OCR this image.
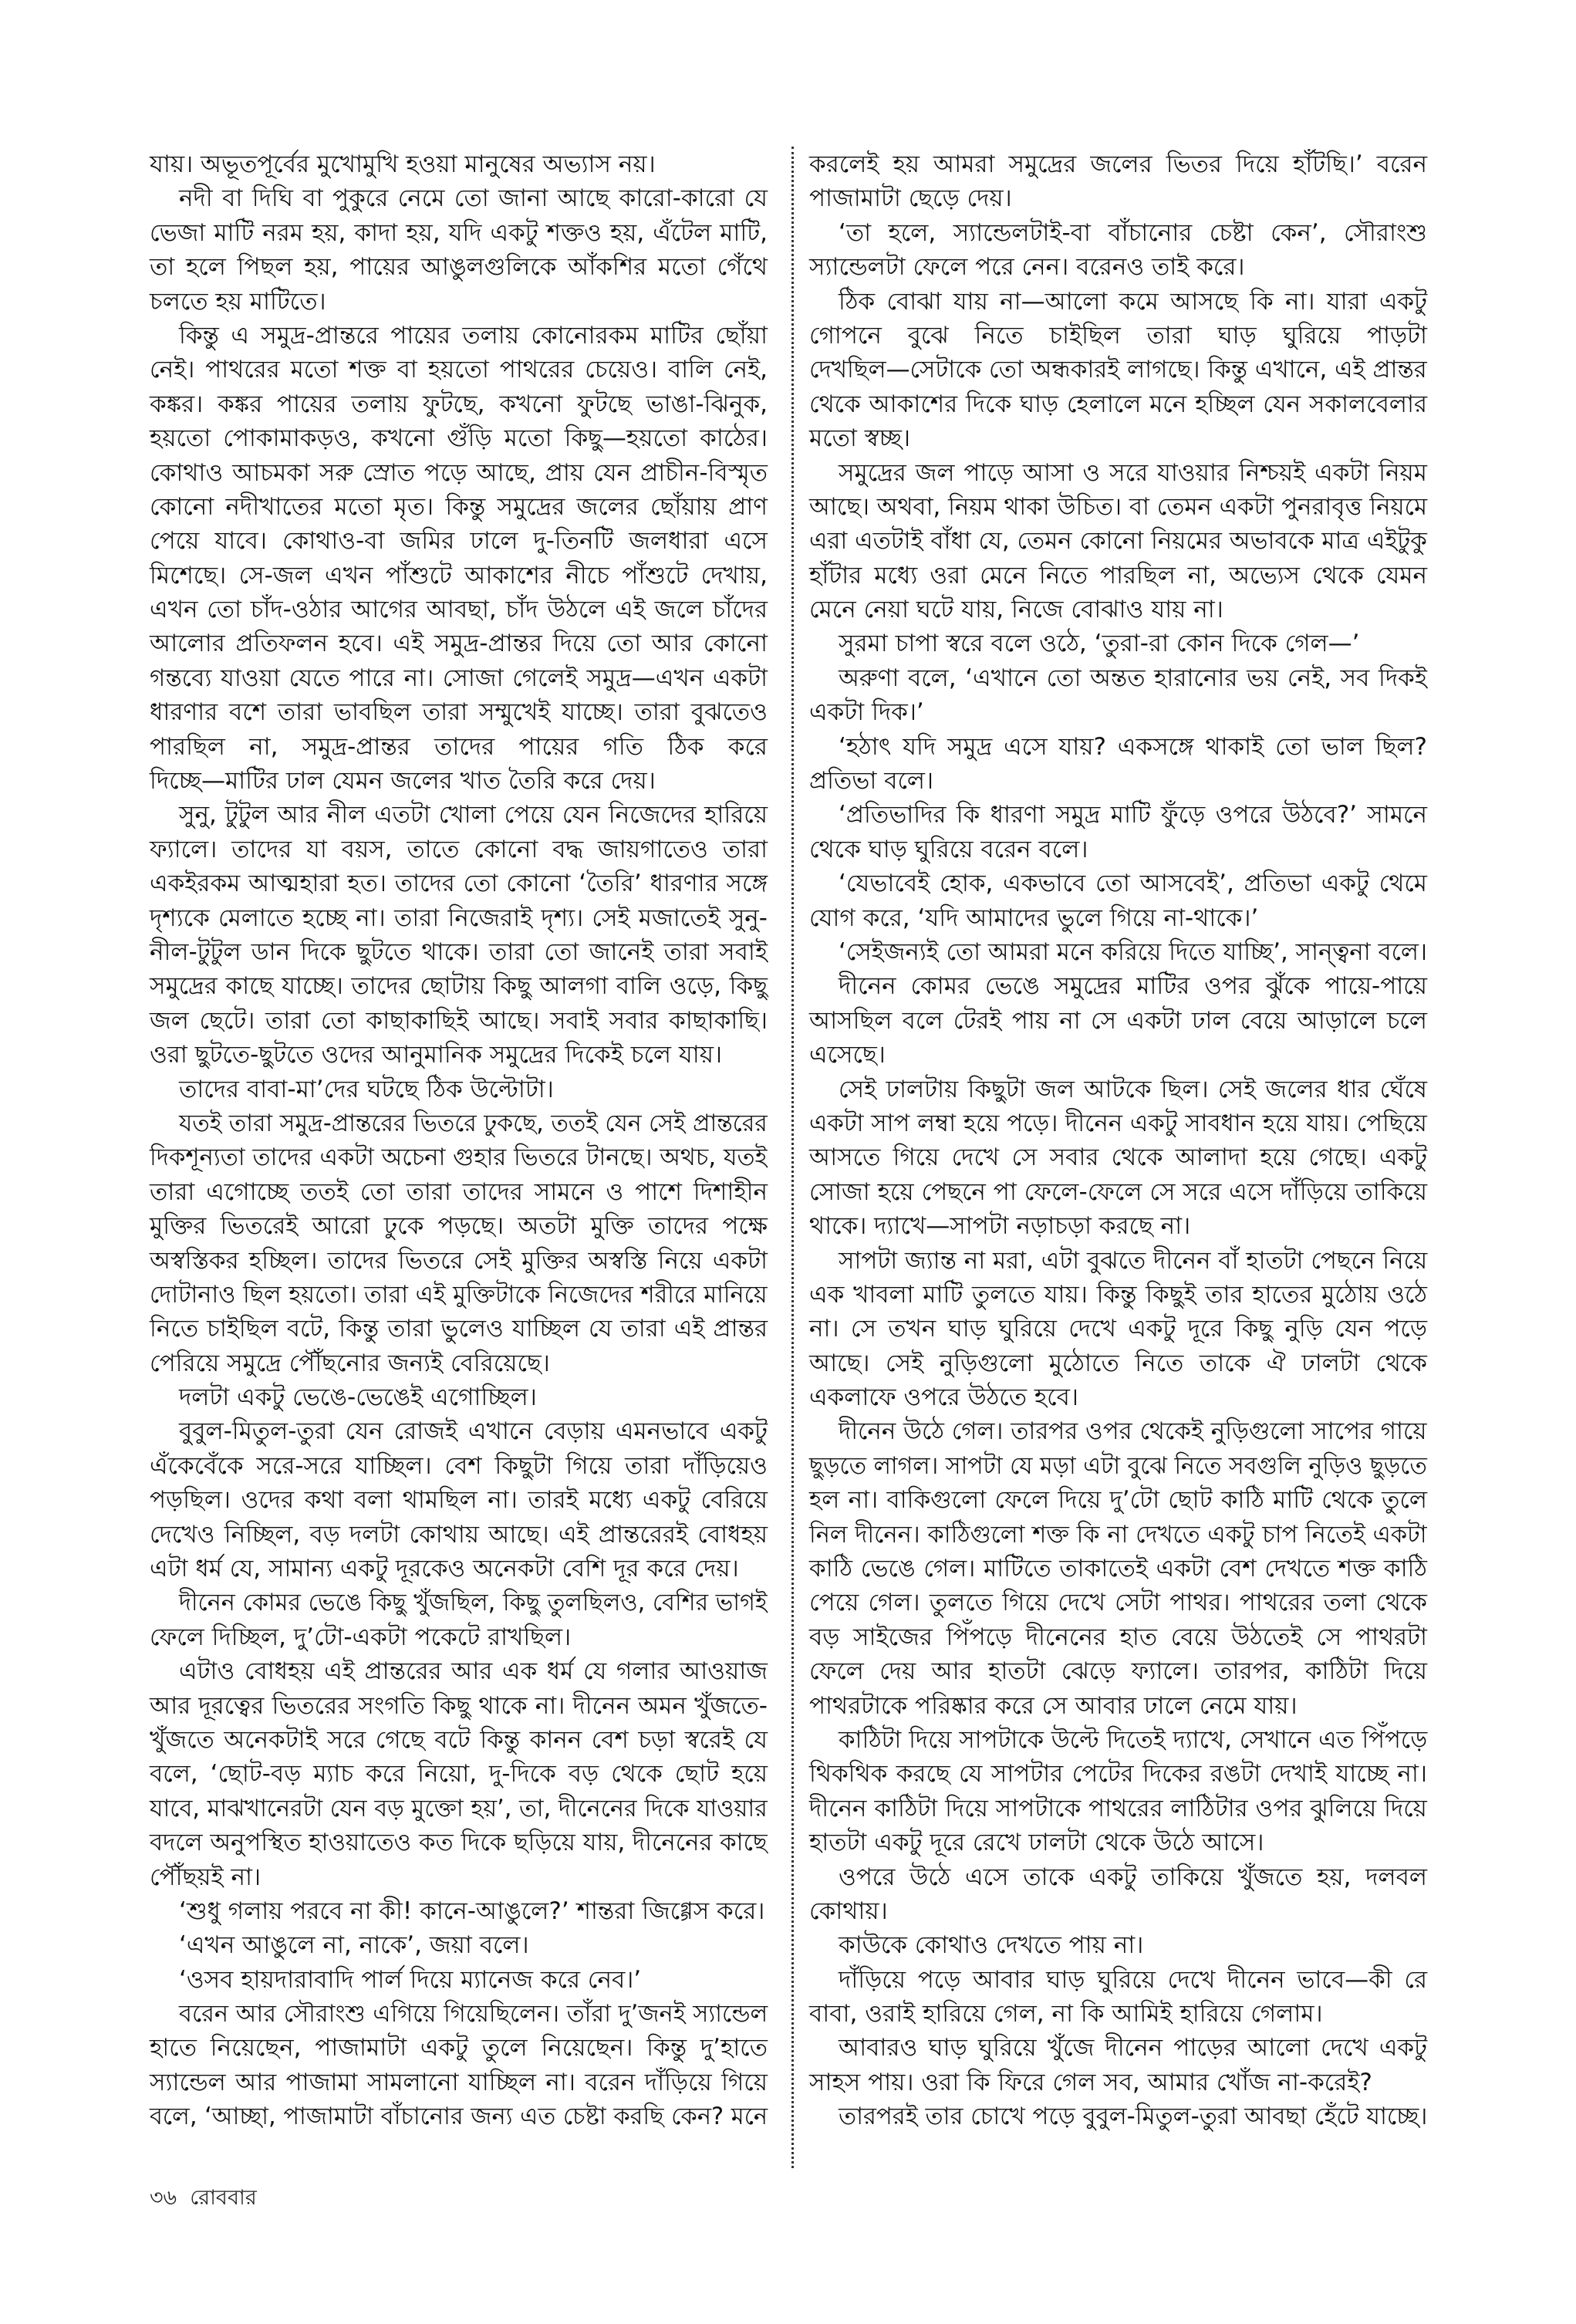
যায়। অভূতপূর্বের মুখোমুখি হওয়া মানুষের অভ্যাস নয়।
নদী বা দিঘি বা পুকুরে নেমে তো জানা আছে কারো-কারো যে
ভেজা মাটি নরম হয়, কাদা হয়, যদি একটু শক্তও হয়, এঁটেল মাটি,
তা হলে পিছল হয়, পায়ের আঙুলগুলিকে আঁকশির মতো গেঁথে
চলতে হয় মাটিতে।
কিন্তু এ সমুদ্র-প্রান্তরে পায়ের তলায় কোনোরকম মাটির ছোঁয়া
নেই। পাথরের মতো শক্ত বা হয়তো পাথরের চেয়েও। বালি নেই,
কঙ্কর। কঙ্কর পায়ের তলায় ফুটছে, কখনো ফুটছে ভাঙা-ঝিনুক,
হয়তো পোকামাকড়ও, কখনো গুঁড়ি মতো কিছু—হয়তো কাঠের।
কোথাও আচমকা সরু স্রোত পড়ে আছে, প্রায় যেন প্রাচীন-বিস্মৃত
কোনো নদীখাতের মতো মৃত। কিন্তু সমুদ্রের জলের ছোঁয়ায় প্রাণ
পেয়ে যাবে। কোথাও-বা জমির ঢালে দু-তিনটি জলধারা এসে
মিশেছে। সে-জল এখন পাঁশুটে আকাশের নীচে পাঁশুটে দেখায়,
এখন তো চাঁদ-ওঠার আগের আবছা, চাঁদ উঠলে এই জলে চাঁদের
আলোর প্রতিফলন হবে। এই সমুদ্র-প্রান্তর দিয়ে তো আর কোনো
গন্তব্যে যাওয়া যেতে পারে না। সোজা গেলেই সমুদ্র—এখন একটা
ধারণার বশে তারা ভাবছিল তারা সম্মুখেই যাচ্ছে। তারা বুঝতেও
পারছিল না, সমুদ্র-প্রান্তর তাদের পায়ের গতি ঠিক করে
দিচ্ছে—মাটির ঢাল যেমন জলের খাত তৈরি করে দেয়।
সুনু, টুটুল আর নীল এতটা খোলা পেয়ে যেন নিজেদের হারিয়ে
ফ্যালে। তাদের যা বয়স, তাতে কোনো বদ্ধ জায়গাতেও তারা
একইরকম আত্মহারা হত। তাদের তো কোনো ‘তৈরি’ ধারণার সঙ্গে
দৃশ্যকে মেলাতে হচ্ছে না। তারা নিজেরাই দৃশ্য। সেই মজাতেই সুনু-
নীল-টুটুল ডান দিকে ছুটতে থাকে। তারা তো জানেই তারা সবাই
সমুদ্রের কাছে যাচ্ছে। তাদের ছোটায় কিছু আলগা বালি ওড়ে, কিছু
জল ছেটে। তারা তো কাছাকাছিই আছে। সবাই সবার কাছাকাছি।
ওরা ছুটতে-ছুটতে ওদের আনুমানিক সমুদ্রের দিকেই চলে যায়।
তাদের বাবা-মা’দের ঘটছে ঠিক উল্টোটা।
যতই তারা সমুদ্র-প্রান্তরের ভিতরে ঢুকছে, ততই যেন সেই প্রান্তরের
দিকশূন্যতা তাদের একটা অচেনা গুহার ভিতরে টানছে। অথচ, যতই
তারা এগোচ্ছে ততই তো তারা তাদের সামনে ও পাশে দিশাহীন
মুক্তির ভিতরেই আরো ঢুকে পড়ছে। অতটা মুক্তি তাদের পক্ষে
অস্বস্তিকর হচ্ছিল। তাদের ভিতরে সেই মুক্তির অস্বস্তি নিয়ে একটা
দোটানাও ছিল হয়তো। তারা এই মুক্তিটাকে নিজেদের শরীরে মানিয়ে
নিতে চাইছিল বটে, কিন্তু তারা ভুলেও যাচ্ছিল যে তারা এই প্রান্তর
পেরিয়ে সমুদ্রে পৌঁছনোর জন্যই বেরিয়েছে।
দলটা একটু ভেঙে-ভেঙেই এগোচ্ছিল।
বুবুল-মিতুল-তুরা যেন রোজই এখানে বেড়ায় এমনভাবে একটু
এঁকেবেঁকে সরে-সরে যাচ্ছিল। বেশ কিছুটা গিয়ে তারা দাঁড়িয়েও
পড়ছিল। ওদের কথা বলা থামছিল না। তারই মধ্যে একটু বেরিয়ে
দেখেও নিচ্ছিল, বড় দলটা কোথায় আছে। এই প্রান্তরেরই বোধহয়
এটা ধর্ম যে, সামান্য একটু দূরকেও অনেকটা বেশি দূর করে দেয়।
দীনেন কোমর ভেঙে কিছু খুঁজছিল, কিছু তুলছিলও, বেশির ভাগই
ফেলে দিচ্ছিল, দু’টো-একটা পকেটে রাখছিল।
এটাও বোধহয় এই প্রান্তরের আর এক ধর্ম যে গলার আওয়াজ
আর দূরত্বের ভিতরের সংগতি কিছু থাকে না। দীনেন অমন খুঁজতে-
খুঁজতে অনেকটাই সরে গেছে বটে কিন্তু কানন বেশ চড়া স্বরেই যে
বলে, ‘ছোট-বড় ম্যাচ করে নিয়ো, দু-দিকে বড় থেকে ছোট হয়ে
যাবে, মাঝখানেরটা যেন বড় মুক্তো হয়’, তা, দীনেনের দিকে যাওয়ার
বদলে অনুপস্থিত হাওয়াতেও কত দিকে ছড়িয়ে যায়, দীনেনের কাছে
পৌঁছয়ই না।
‘শুধু গলায় পরবে না কী! কানে-আঙুলে?’ শান্তরা জিগ্গেস করে।
‘এখন আঙুলে না, নাকে’, জয়া বলে।
‘ওসব হায়দারাবাদি পার্ল দিয়ে ম্যানেজ করে নেব।’
বরেন আর সৌরাংশু এগিয়ে গিয়েছিলেন। তাঁরা দু’জনই স্যান্ডেল
হাতে নিয়েছেন, পাজামাটা একটু তুলে নিয়েছেন। কিন্তু দু’হাতে
স্যান্ডেল আর পাজামা সামলানো যাচ্ছিল না। বরেন দাঁড়িয়ে গিয়ে
বলে, ‘আচ্ছা, পাজামাটা বাঁচানোর জন্য এত চেষ্টা করছি কেন? মনে
করলেই হয় আমরা সমুদ্রের জলের ভিতর দিয়ে হাঁটছি।’ বরেন
পাজামাটা ছেড়ে দেয়।
‘তা হলে, স্যান্ডেলটাই-বা বাঁচানোর চেষ্টা কেন’, সৌরাংশু
স্যান্ডেলটা ফেলে পরে নেন। বরেনও তাই করে।
ঠিক বোঝা যায় না—আলো কমে আসছে কি না। যারা একটু
গোপনে বুঝে নিতে চাইছিল তারা ঘাড় ঘুরিয়ে পাড়টা
দেখছিল—সেটাকে তো অন্ধকারই লাগছে। কিন্তু এখানে, এই প্রান্তর
থেকে আকাশের দিকে ঘাড় হেলালে মনে হচ্ছিল যেন সকালবেলার
মতো স্বচ্ছ।
সমুদ্রের জল পাড়ে আসা ও সরে যাওয়ার নিশ্চয়ই একটা নিয়ম
আছে। অথবা, নিয়ম থাকা উচিত। বা তেমন একটা পুনরাবৃত্ত নিয়মে
এরা এতটাই বাঁধা যে, তেমন কোনো নিয়মের অভাবকে মাত্র এইটুকু
হাঁটার মধ্যে ওরা মেনে নিতে পারছিল না, অভ্যেস থেকে যেমন
মেনে নেয়া ঘটে যায়, নিজে বোঝাও যায় না।
সুরমা চাপা স্বরে বলে ওঠে, ‘তুরা-রা কোন দিকে গেল—’
অরুণা বলে, ‘এখানে তো অন্তত হারানোর ভয় নেই, সব দিকই
একটা দিক।’
‘হঠাৎ যদি সমুদ্র এসে যায়? একসঙ্গে থাকাই তো ভাল ছিল?
প্রতিভা বলে।
‘প্রতিভাদির কি ধারণা সমুদ্র মাটি ফুঁড়ে ওপরে উঠবে?’ সামনে
থেকে ঘাড় ঘুরিয়ে বরেন বলে।
‘যেভাবেই হোক, একভাবে তো আসবেই’, প্রতিভা একটু থেমে
যোগ করে, ‘যদি আমাদের ভুলে গিয়ে না-থাকে।’
‘সেইজন্যই তো আমরা মনে করিয়ে দিতে যাচ্ছি’, সান্ত্বনা বলে।
দীনেন কোমর ভেঙে সমুদ্রের মাটির ওপর ঝুঁকে পায়ে-পায়ে
আসছিল বলে টেরই পায় না সে একটা ঢাল বেয়ে আড়ালে চলে
এসেছে।
সেই ঢালটায় কিছুটা জল আটকে ছিল। সেই জলের ধার ঘেঁষে
একটা সাপ লম্বা হয়ে পড়ে। দীনেন একটু সাবধান হয়ে যায়। পেছিয়ে
আসতে গিয়ে দেখে সে সবার থেকে আলাদা হয়ে গেছে। একটু
সোজা হয়ে পেছনে পা ফেলে-ফেলে সে সরে এসে দাঁড়িয়ে তাকিয়ে
থাকে। দ্যাখে—সাপটা নড়াচড়া করছে না।
সাপটা জ্যান্ত না মরা, এটা বুঝতে দীনেন বাঁ হাতটা পেছনে নিয়ে
এক খাবলা মাটি তুলতে যায়। কিন্তু কিছুই তার হাতের মুঠোয় ওঠে
না। সে তখন ঘাড় ঘুরিয়ে দেখে একটু দূরে কিছু নুড়ি যেন পড়ে
আছে। সেই নুড়িগুলো মুঠোতে নিতে তাকে ঐ ঢালটা থেকে
একলাফে ওপরে উঠতে হবে।
দীনেন উঠে গেল। তারপর ওপর থেকেই নুড়িগুলো সাপের গায়ে
ছুড়তে লাগল। সাপটা যে মড়া এটা বুঝে নিতে সবগুলি নুড়িও ছুড়তে
হল না। বাকিগুলো ফেলে দিয়ে দু’টো ছোট কাঠি মাটি থেকে তুলে
নিল দীনেন। কাঠিগুলো শক্ত কি না দেখতে একটু চাপ নিতেই একটা
কাঠি ভেঙে গেল। মাটিতে তাকাতেই একটা বেশ দেখতে শক্ত কাঠি
পেয়ে গেল। তুলতে গিয়ে দেখে সেটা পাথর। পাথরের তলা থেকে
বড় সাইজের পিঁপড়ে দীনেনের হাত বেয়ে উঠতেই সে পাথরটা
ফেলে দেয় আর হাতটা ঝেড়ে ফ্যালে। তারপর, কাঠিটা দিয়ে
পাথরটাকে পরিষ্কার করে সে আবার ঢালে নেমে যায়।
কাঠিটা দিয়ে সাপটাকে উল্টে দিতেই দ্যাখে, সেখানে এত পিঁপড়ে
থিকথিক করছে যে সাপটার পেটের দিকের রঙটা দেখাই যাচ্ছে না।
দীনেন কাঠিটা দিয়ে সাপটাকে পাথরের লাঠিটার ওপর ঝুলিয়ে দিয়ে
হাতটা একটু দূরে রেখে ঢালটা থেকে উঠে আসে।
ওপরে উঠে এসে তাকে একটু তাকিয়ে খুঁজতে হয়, দলবল
কোথায়।
কাউকে কোথাও দেখতে পায় না।
দাঁড়িয়ে পড়ে আবার ঘাড় ঘুরিয়ে দেখে দীনেন ভাবে—কী রে
বাবা, ওরাই হারিয়ে গেল, না কি আমিই হারিয়ে গেলাম।
আবারও ঘাড় ঘুরিয়ে খুঁজে দীনেন পাড়ের আলো দেখে একটু
সাহস পায়। ওরা কি ফিরে গেল সব, আমার খোঁজ না-করেই?
তারপরই তার চোখে পড়ে বুবুল-মিতুল-তুরা আবছা হেঁটে যাচ্ছে।
৩৬ রোববার
